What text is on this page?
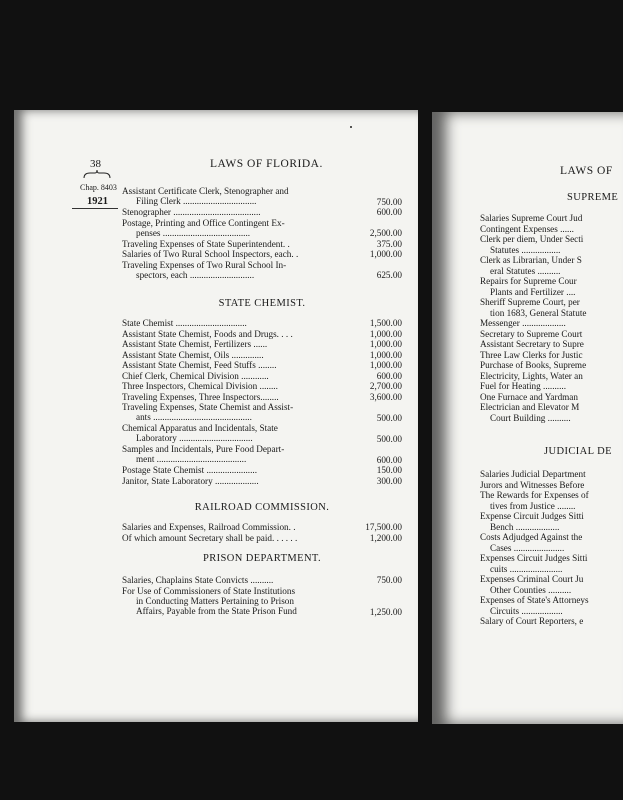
38	LAWS OF FLORIDA.
Chap. 8403
1921
Assistant Certificate Clerk, Stenographer and
Filing Clerk ................................	750.00
Stenographer ......................................	600.00
Postage, Printing and Office Contingent Ex-
penses ......................................	2,500.00
Traveling Expenses of State Superintendent. .	375.00
Salaries of Two Rural School Inspectors, each. .	1,000.00
Traveling Expenses of Two Rural School In-
spectors, each ............................	625.00
STATE CHEMIST.
State Chemist ...............................	1,500.00
Assistant State Chemist, Foods and Drugs. . . .	1,000.00
Assistant State Chemist, Fertilizers ......	1,000.00
Assistant State Chemist, Oils ..............	1,000.00
Assistant State Chemist, Feed Stuffs ........	1,000.00
Chief Clerk, Chemical Division ............	600.00
Three Inspectors, Chemical Division ........	2,700.00
Traveling Expenses, Three Inspectors........	3,600.00
Traveling Expenses, State Chemist and Assist-
ants ...........................................	500.00
Chemical Apparatus and Incidentals, State
Laboratory ................................	500.00
Samples and Incidentals, Pure Food Depart-
ment .......................................	600.00
Postage State Chemist ......................	150.00
Janitor, State Laboratory ...................	300.00
RAILROAD COMMISSION.
Salaries and Expenses, Railroad Commission. .	17,500.00
Of which amount Secretary shall be paid. . . . . .	1,200.00
PRISON DEPARTMENT.
Salaries, Chaplains State Convicts ..........	750.00
For Use of Commissioners of State Institutions
in Conducting Matters Pertaining to Prison
Affairs, Payable from the State Prison Fund	1,250.00
LAWS OF
SUPREME
Salaries Supreme Court Jud
Contingent Expenses ......
Clerk per diem, Under Secti
Statutes .................
Clerk as Librarian, Under S
eral Statutes ..........
Repairs for Supreme Cour
Plants and Fertilizer ....
Sheriff Supreme Court, per
tion 1683, General Statute
Messenger ...................
Secretary to Supreme Court
Assistant Secretary to Supre
Three Law Clerks for Justic
Purchase of Books, Supreme
Electricity, Lights, Water an
Fuel for Heating ..........
One Furnace and Yardman
Electrician and Elevator M
Court Building ..........
JUDICIAL DE
Salaries Judicial Department
Jurors and Witnesses Before
The Rewards for Expenses of
tives from Justice ........
Expense Circuit Judges Sitti
Bench ...................
Costs Adjudged Against the
Cases ......................
Expenses Circuit Judges Sitti
cuits .......................
Expenses Criminal Court Ju
Other Counties ..........
Expenses of State's Attorneys
Circuits ..................
Salary of Court Reporters, e
